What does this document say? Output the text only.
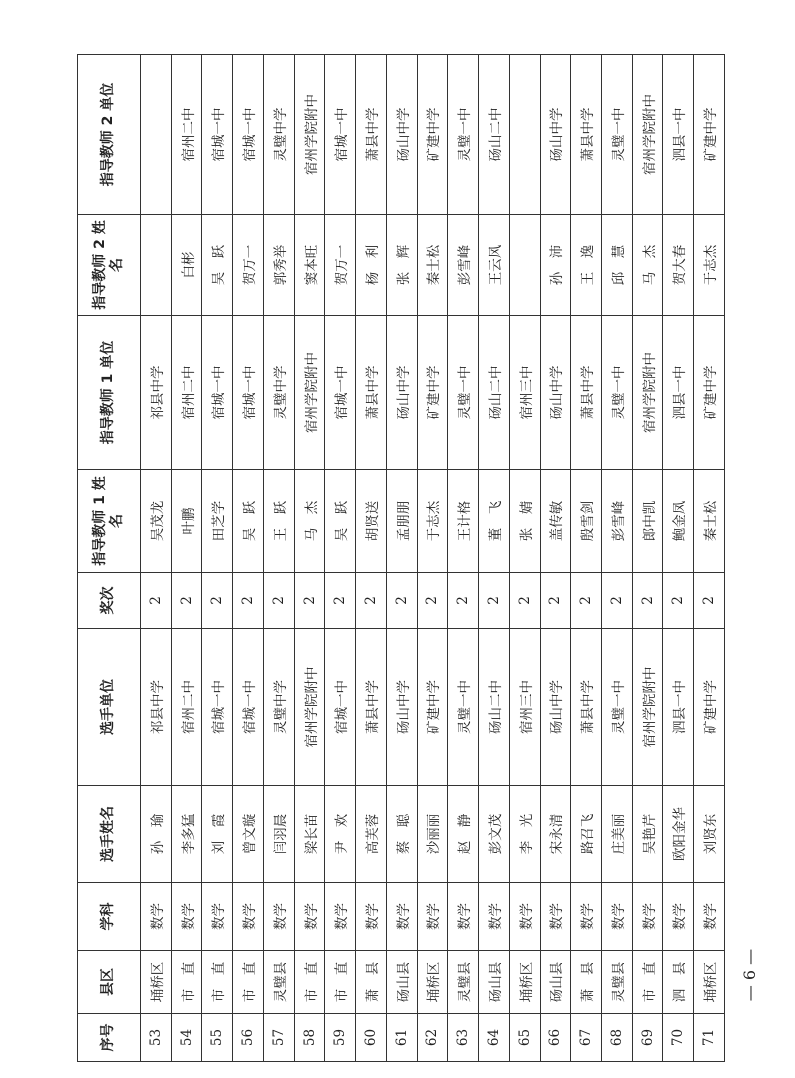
序号	县区	学科	选手姓名	选手单位	奖次	指导教师 1 姓名	指导教师 1 单位	指导教师 2 姓名	指导教师 2 单位
53	埇桥区	数学	孙　瑜	祁县中学	2	吴茂龙	祁县中学		
54	市　直	数学	李多猛	宿州二中	2	叶鹏	宿州二中	白彬	宿州二中
55	市　直	数学	刘　霞	宿城一中	2	田芝学	宿城一中	吴　跃	宿城一中
56	市　直	数学	曾文璇	宿城一中	2	吴　跃	宿城一中	贺万一	宿城一中
57	灵璧县	数学	闫羽晨	灵璧中学	2	王　跃	灵璧中学	郭秀举	灵璧中学
58	市　直	数学	梁长苗	宿州学院附中	2	马　杰	宿州学院附中	窦本旺	宿州学院附中
59	市　直	数学	尹　欢	宿城一中	2	吴　跃	宿城一中	贺万一	宿城一中
60	萧　县	数学	高芙蓉	萧县中学	2	胡贤送	萧县中学	杨　利	萧县中学
61	砀山县	数学	蔡　聪	砀山中学	2	孟朋朋	砀山中学	张　辉	砀山中学
62	埇桥区	数学	沙丽丽	矿建中学	2	于志杰	矿建中学	秦士松	矿建中学
63	灵璧县	数学	赵　静	灵璧一中	2	王计格	灵璧一中	彭雪峰	灵璧一中
64	砀山县	数学	彭文茂	砀山二中	2	董　飞	砀山二中	王云风	砀山二中
65	埇桥区	数学	李　光	宿州三中	2	张　婧	宿州三中		
66	砀山县	数学	宋永清	砀山中学	2	盖传敏	砀山中学	孙　沛	砀山中学
67	萧　县	数学	路召飞	萧县中学	2	殷雪剑	萧县中学	王　逸	萧县中学
68	灵璧县	数学	庄美丽	灵璧一中	2	彭雪峰	灵璧一中	邱　慧	灵璧一中
69	市　直	数学	吴艳芹	宿州学院附中	2	郎中凯	宿州学院附中	马　杰	宿州学院附中
70	泗　县	数学	欧阳金华	泗县一中	2	鲍金凤	泗县一中	贺大春	泗县一中
71	埇桥区	数学	刘贤东	矿建中学	2	秦士松	矿建中学	于志杰	矿建中学
— 6 —
